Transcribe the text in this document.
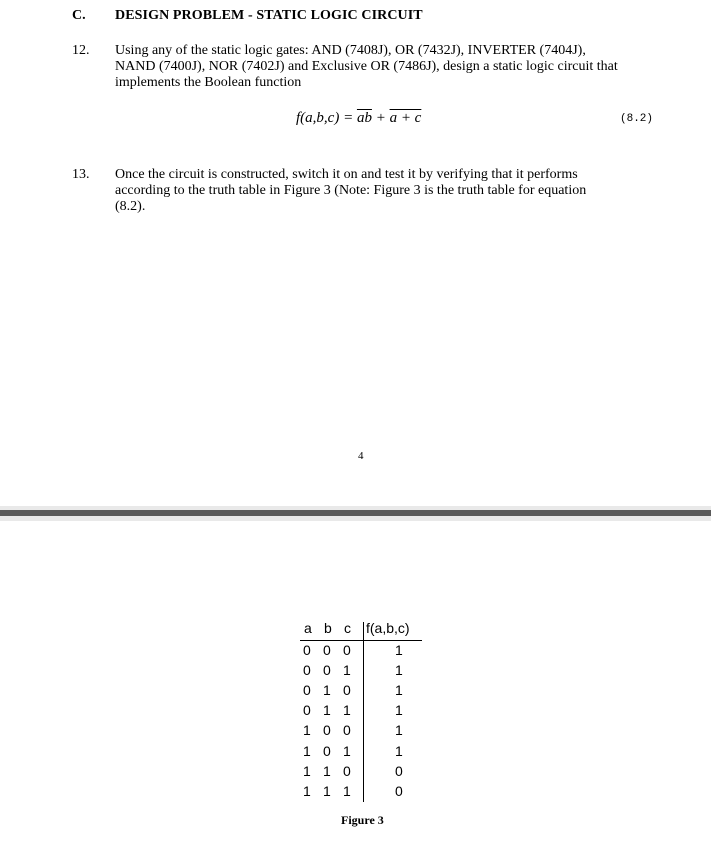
C. DESIGN PROBLEM - STATIC LOGIC CIRCUIT
12. Using any of the static logic gates: AND (7408J), OR (7432J), INVERTER (7404J),
NAND (7400J), NOR (7402J) and Exclusive OR (7486J), design a static logic circuit that
implements the Boolean function
$f(a,b,c) = \overline{ab} + a + c$	(8.2)
13. Once the circuit is constructed, switch it on and test it by verifying that it performs
according to the truth table in Figure 3 (Note: Figure 3 is the truth table for equation
(8.2).
4
a b c f(a,b,c)
0 0 0	1
0 0 1	1
0 1 0	1
0 1 1	1
1 0 0	1
1 0 1	1
1 1 0	0
1 1 1	0
Figure 3
